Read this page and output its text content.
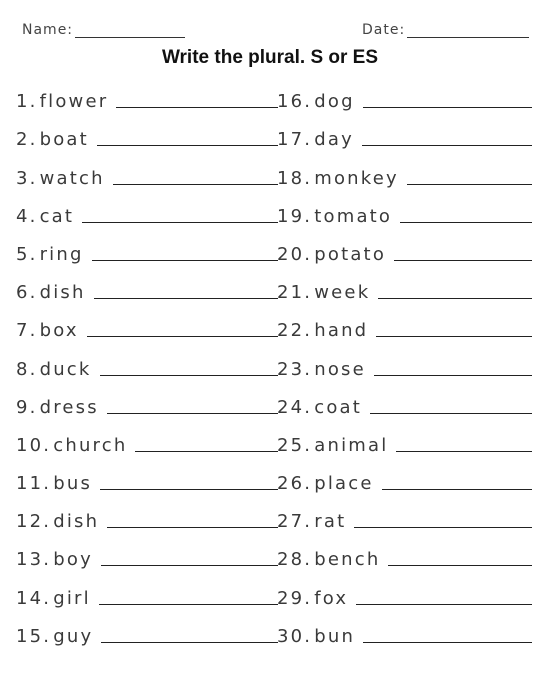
Name:	Date:
Write the plural. S or ES
1. flower
2. boat
3. watch
4. cat
5. ring
6. dish
7. box
8. duck
9. dress
10. church
11. bus
12. dish
13. boy
14. girl
15. guy
16. dog
17. day
18. monkey
19. tomato
20. potato
21. week
22. hand
23. nose
24. coat
25. animal
26. place
27. rat
28. bench
29. fox
30. bun
